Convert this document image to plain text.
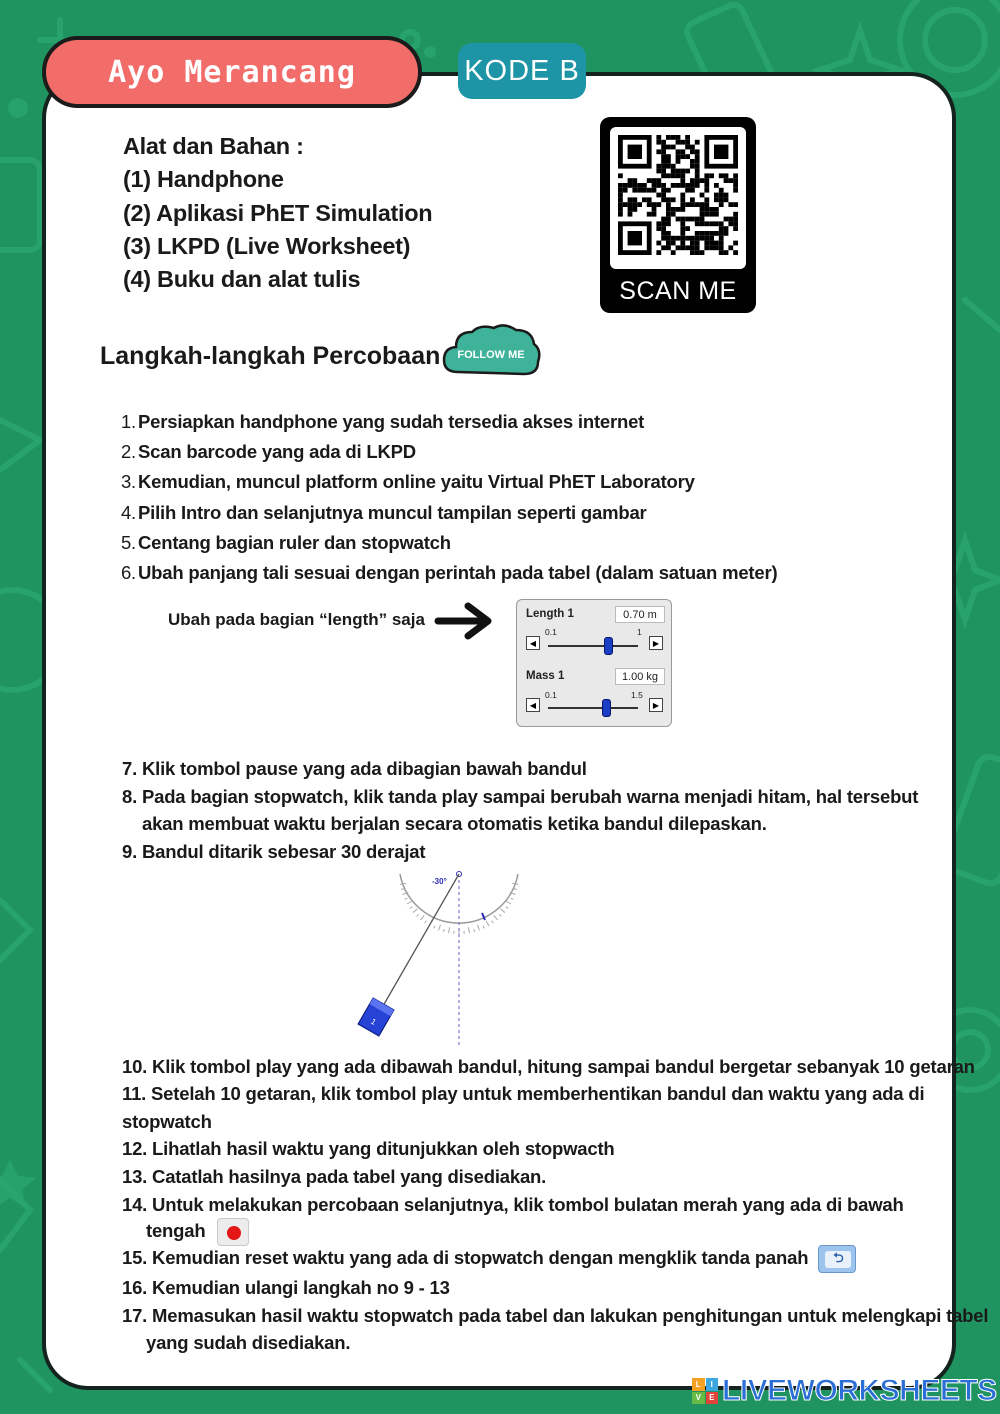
Ayo Merancang	KODE B
Alat dan Bahan :
(1) Handphone
(2) Aplikasi PhET Simulation
(3) LKPD (Live Worksheet)
(4) Buku dan alat tulis	SCAN ME
Langkah-langkah Percobaan FOLLOW ME
1. Persiapkan handphone yang sudah tersedia akses internet
2. Scan barcode yang ada di LKPD
3. Kemudian, muncul platform online yaitu Virtual PhET Laboratory
4. Pilih Intro dan selanjutnya muncul tampilan seperti gambar
5. Centang bagian ruler dan stopwatch
6. Ubah panjang tali sesuai dengan perintah pada tabel (dalam satuan meter)
Ubah pada bagian “length” saja	Length 1	0.70 m
0.1	1
◀	▶
Mass 1	1.00 kg
0.1	1.5
◀	▶
7. Klik tombol pause yang ada dibagian bawah bandul
8. Pada bagian stopwatch, klik tanda play sampai berubah warna menjadi hitam, hal tersebut
akan membuat waktu berjalan secara otomatis ketika bandul dilepaskan.
9. Bandul ditarik sebesar 30 derajat
-30°
1
10. Klik tombol play yang ada dibawah bandul, hitung sampai bandul bergetar sebanyak 10 getaran
11. Setelah 10 getaran, klik tombol play untuk memberhentikan bandul dan waktu yang ada di
stopwatch
12. Lihatlah hasil waktu yang ditunjukkan oleh stopwacth
13. Catatlah hasilnya pada tabel yang disediakan.
14. Untuk melakukan percobaan selanjutnya, klik tombol bulatan merah yang ada di bawah
tengah
15. Kemudian reset waktu yang ada di stopwatch dengan mengklik tanda panah	⮌
16. Kemudian ulangi langkah no 9 - 13
17. Memasukan hasil waktu stopwatch pada tabel dan lakukan penghitungan untuk melengkapi tabel
yang sudah disediakan.
L	I
V	E LIVEWORKSHEETS
